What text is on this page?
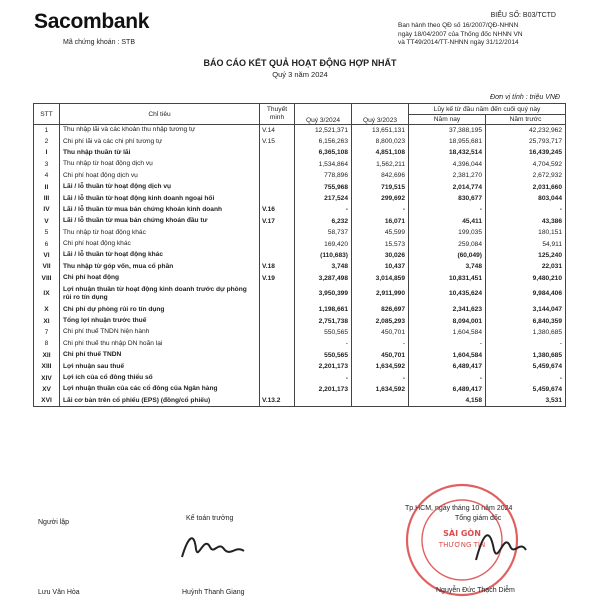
Sacombank
Mã chứng khoán : STB
BIỂU SỐ: B03/TCTD
Ban hành theo QĐ số 16/2007/QĐ-NHNN
ngày 18/04/2007 của Thống đốc NHNN VN
và TT49/2014/TT-NHNN ngày 31/12/2014
BÁO CÁO KẾT QUẢ HOẠT ĐỘNG HỢP NHẤT
Quý 3 năm 2024
Đơn vị tính : triệu VNĐ
STT	Chỉ tiêu	Thuyết minh	Quý 3/2024	Quý 3/2023	Lũy kế từ đầu năm đến cuối quý này	
					Năm nay	Năm trước
1	Thu nhập lãi và các khoản thu nhập tương tự	V.14	12,521,371	13,651,131	37,388,195	42,232,962
2	Chi phí lãi và các chi phí tương tự	V.15	6,156,263	8,800,023	18,955,681	25,793,717
I	Thu nhập thuần từ lãi		6,365,108	4,851,108	18,432,514	16,439,245
3	Thu nhập từ hoạt động dịch vụ		1,534,864	1,562,211	4,396,044	4,704,592
4	Chi phí hoạt động dịch vụ		778,896	842,696	2,381,270	2,672,932
II	Lãi / lỗ thuần từ hoạt động dịch vụ		755,968	719,515	2,014,774	2,031,660
III	Lãi / lỗ thuần từ hoạt động kinh doanh ngoại hối		217,524	299,692	830,677	803,044
IV	Lãi / lỗ thuần từ mua bán chứng khoán kinh doanh	V.16	-	-	-	-
V	Lãi / lỗ thuần từ mua bán chứng khoán đầu tư	V.17	6,232	16,071	45,411	43,386
5	Thu nhập từ hoạt động khác		58,737	45,599	199,035	180,151
6	Chi phí hoạt động khác		169,420	15,573	259,084	54,911
VI	Lãi / lỗ thuần từ hoạt động khác		(110,683)	30,026	(60,049)	125,240
VII	Thu nhập từ góp vốn, mua cổ phần	V.18	3,748	10,437	3,748	22,031
VIII	Chi phí hoạt động	V.19	3,287,498	3,014,859	10,831,451	9,480,210
IX	Lợi nhuận thuần từ hoạt động kinh doanh trước dự phòng rủi ro tín dụng		3,950,399	2,911,990	10,435,624	9,984,406
X	Chi phí dự phòng rủi ro tín dụng		1,198,661	826,697	2,341,623	3,144,047
XI	Tổng lợi nhuận trước thuế		2,751,738	2,085,293	8,094,001	6,840,359
7	Chi phí thuế TNDN hiện hành		550,565	450,701	1,604,584	1,380,685
8	Chi phí thuế thu nhập DN hoãn lại		-	-	-	-
XII	Chi phí thuế TNDN		550,565	450,701	1,604,584	1,380,685
XIII	Lợi nhuận sau thuế		2,201,173	1,634,592	6,489,417	5,459,674
XIV	Lợi ích của cổ đông thiểu số		-	-	-	-
XV	Lợi nhuận thuần của các cổ đông của Ngân hàng		2,201,173	1,634,592	6,489,417	5,459,674
XVI	Lãi cơ bản trên cổ phiếu (EPS) (đồng/cổ phiếu)	V.13.2			4,158	3,531
Người lập
Kế toán trưởng
Tp.HCM, ngày tháng 10 năm 2024
Tổng giám đốc
SÀI GÒN
THƯƠNG TÍN
Lưu Văn Hòa	Huỳnh Thanh Giang	Nguyễn Đức Thạch Diễm
